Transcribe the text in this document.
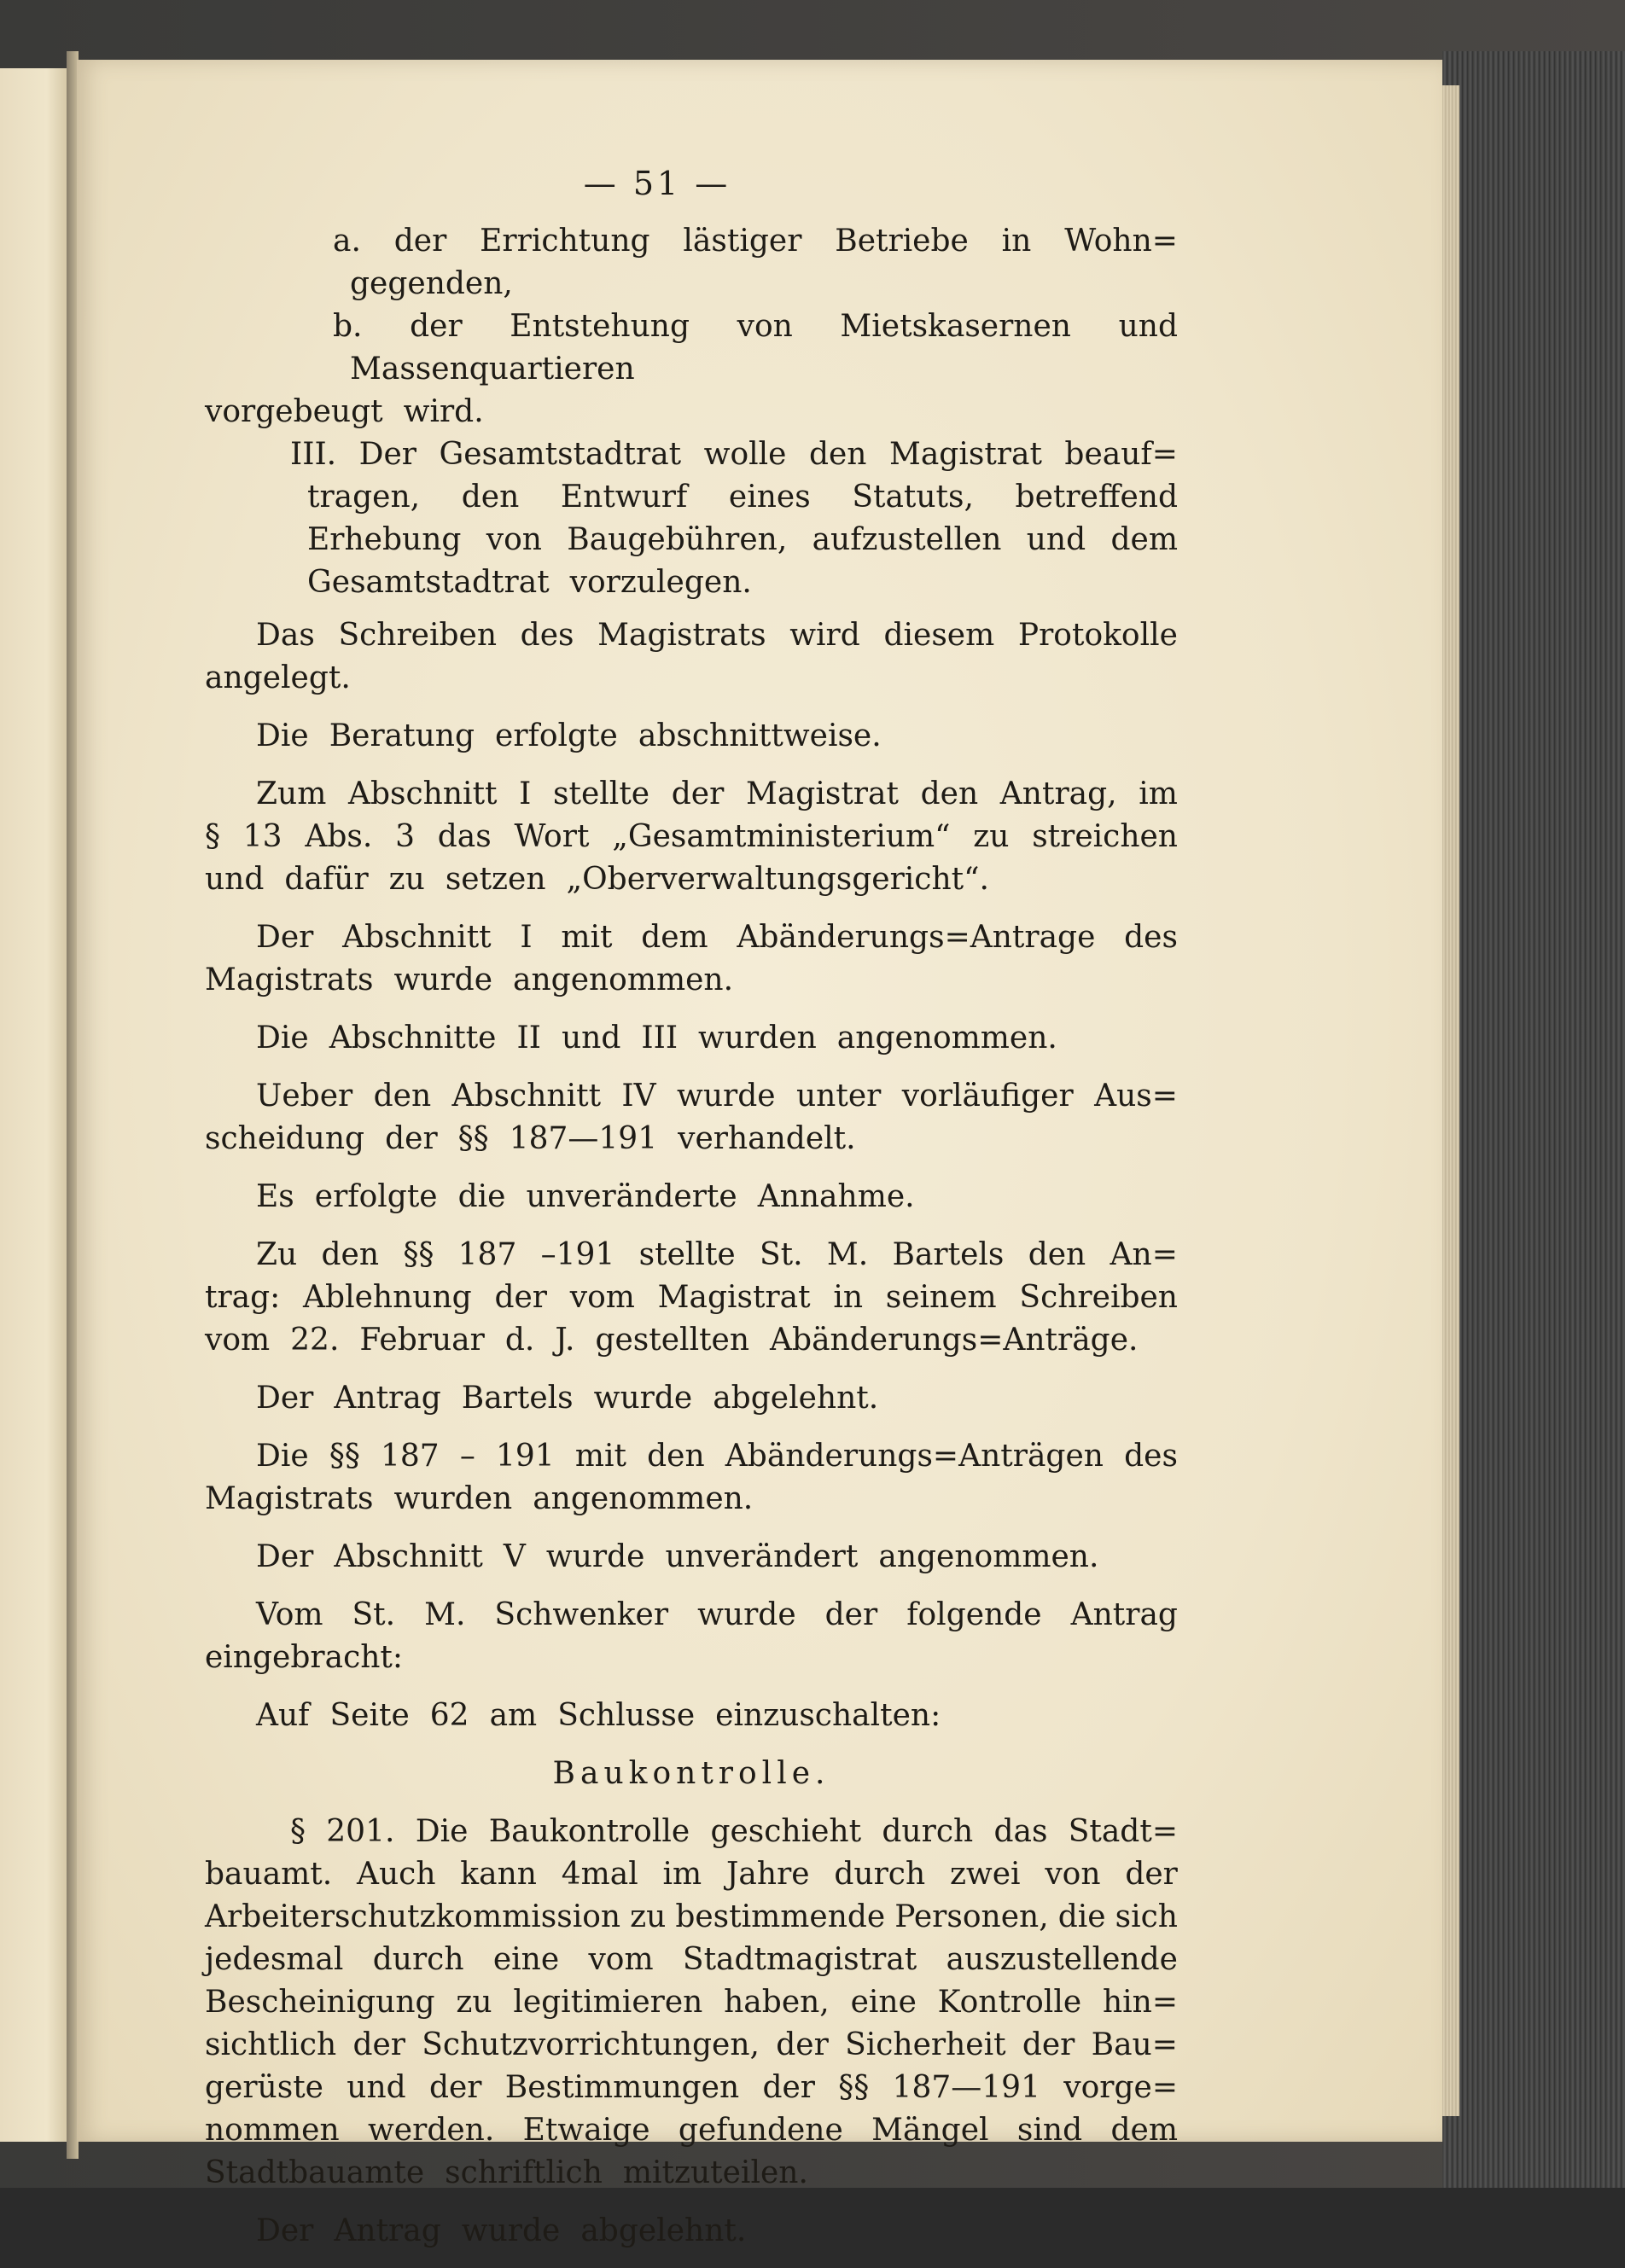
— 51 —
a. der Errichtung lästiger Betriebe in Wohn=
gegenden,
b. der Entstehung von Mietskasernen und
Massenquartieren
vorgebeugt wird.
III. Der Gesamtstadtrat wolle den Magistrat beauf=
tragen, den Entwurf eines Statuts, betreffend
Erhebung von Baugebühren, aufzustellen und dem
Gesamtstadtrat vorzulegen.
Das Schreiben des Magistrats wird diesem Protokolle
angelegt.
Die Beratung erfolgte abschnittweise.
Zum Abschnitt I stellte der Magistrat den Antrag, im
§ 13 Abs. 3 das Wort „Gesamtministerium“ zu streichen
und dafür zu setzen „Oberverwaltungsgericht“.
Der Abschnitt I mit dem Abänderungs=Antrage des
Magistrats wurde angenommen.
Die Abschnitte II und III wurden angenommen.
Ueber den Abschnitt IV wurde unter vorläufiger Aus=
scheidung der §§ 187—191 verhandelt.
Es erfolgte die unveränderte Annahme.
Zu den §§ 187 –191 stellte St. M. Bartels den An=
trag: Ablehnung der vom Magistrat in seinem Schreiben
vom 22. Februar d. J. gestellten Abänderungs=Anträge.
Der Antrag Bartels wurde abgelehnt.
Die §§ 187 – 191 mit den Abänderungs=Anträgen des
Magistrats wurden angenommen.
Der Abschnitt V wurde unverändert angenommen.
Vom St. M. Schwenker wurde der folgende Antrag
eingebracht:
Auf Seite 62 am Schlusse einzuschalten:
Baukontrolle.
§ 201. Die Baukontrolle geschieht durch das Stadt=
bauamt. Auch kann 4mal im Jahre durch zwei von der
Arbeiterschutzkommission zu bestimmende Personen, die sich
jedesmal durch eine vom Stadtmagistrat auszustellende
Bescheinigung zu legitimieren haben, eine Kontrolle hin=
sichtlich der Schutzvorrichtungen, der Sicherheit der Bau=
gerüste und der Bestimmungen der §§ 187—191 vorge=
nommen werden. Etwaige gefundene Mängel sind dem
Stadtbauamte schriftlich mitzuteilen.
Der Antrag wurde abgelehnt.
